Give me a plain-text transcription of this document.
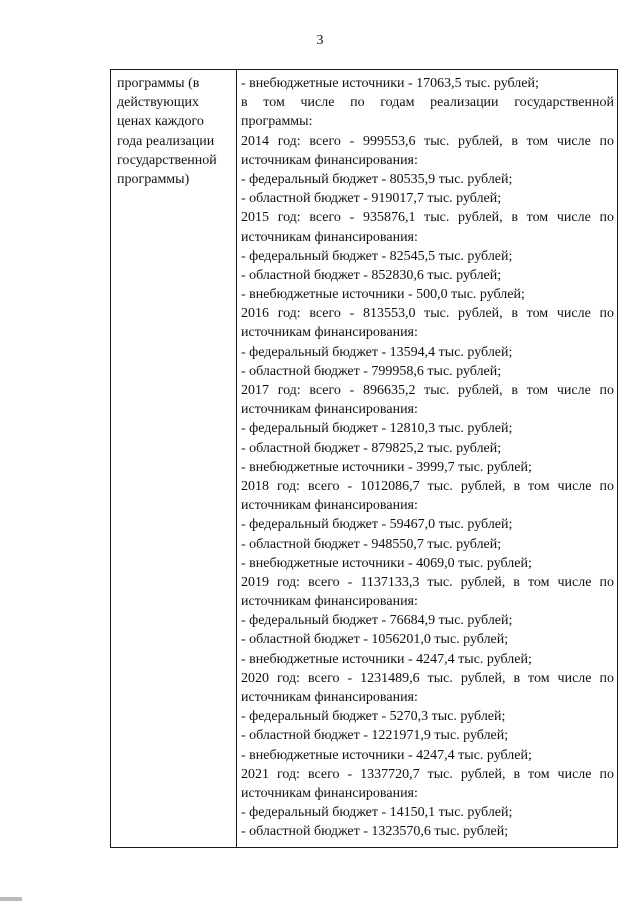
3
программы (в
действующих
ценах каждого
года реализации
государственной
программы)
- внебюджетные источники - 17063,5 тыс. рублей;
в том числе по годам реализации государственной
программы:
2014 год: всего - 999553,6 тыс. рублей, в том числе по
источникам финансирования:
- федеральный бюджет - 80535,9 тыс. рублей;
- областной бюджет - 919017,7 тыс. рублей;
2015 год: всего - 935876,1 тыс. рублей, в том числе по
источникам финансирования:
- федеральный бюджет - 82545,5 тыс. рублей;
- областной бюджет - 852830,6 тыс. рублей;
- внебюджетные источники - 500,0 тыс. рублей;
2016 год: всего - 813553,0 тыс. рублей, в том числе по
источникам финансирования:
- федеральный бюджет - 13594,4 тыс. рублей;
- областной бюджет - 799958,6 тыс. рублей;
2017 год: всего - 896635,2 тыс. рублей, в том числе по
источникам финансирования:
- федеральный бюджет - 12810,3 тыс. рублей;
- областной бюджет - 879825,2 тыс. рублей;
- внебюджетные источники - 3999,7 тыс. рублей;
2018 год: всего - 1012086,7 тыс. рублей, в том числе по
источникам финансирования:
- федеральный бюджет - 59467,0 тыс. рублей;
- областной бюджет - 948550,7 тыс. рублей;
- внебюджетные источники - 4069,0 тыс. рублей;
2019 год: всего - 1137133,3 тыс. рублей, в том числе по
источникам финансирования:
- федеральный бюджет - 76684,9 тыс. рублей;
- областной бюджет - 1056201,0 тыс. рублей;
- внебюджетные источники - 4247,4 тыс. рублей;
2020 год: всего - 1231489,6 тыс. рублей, в том числе по
источникам финансирования:
- федеральный бюджет - 5270,3 тыс. рублей;
- областной бюджет - 1221971,9 тыс. рублей;
- внебюджетные источники - 4247,4 тыс. рублей;
2021 год: всего - 1337720,7 тыс. рублей, в том числе по
источникам финансирования:
- федеральный бюджет - 14150,1 тыс. рублей;
- областной бюджет - 1323570,6 тыс. рублей;
